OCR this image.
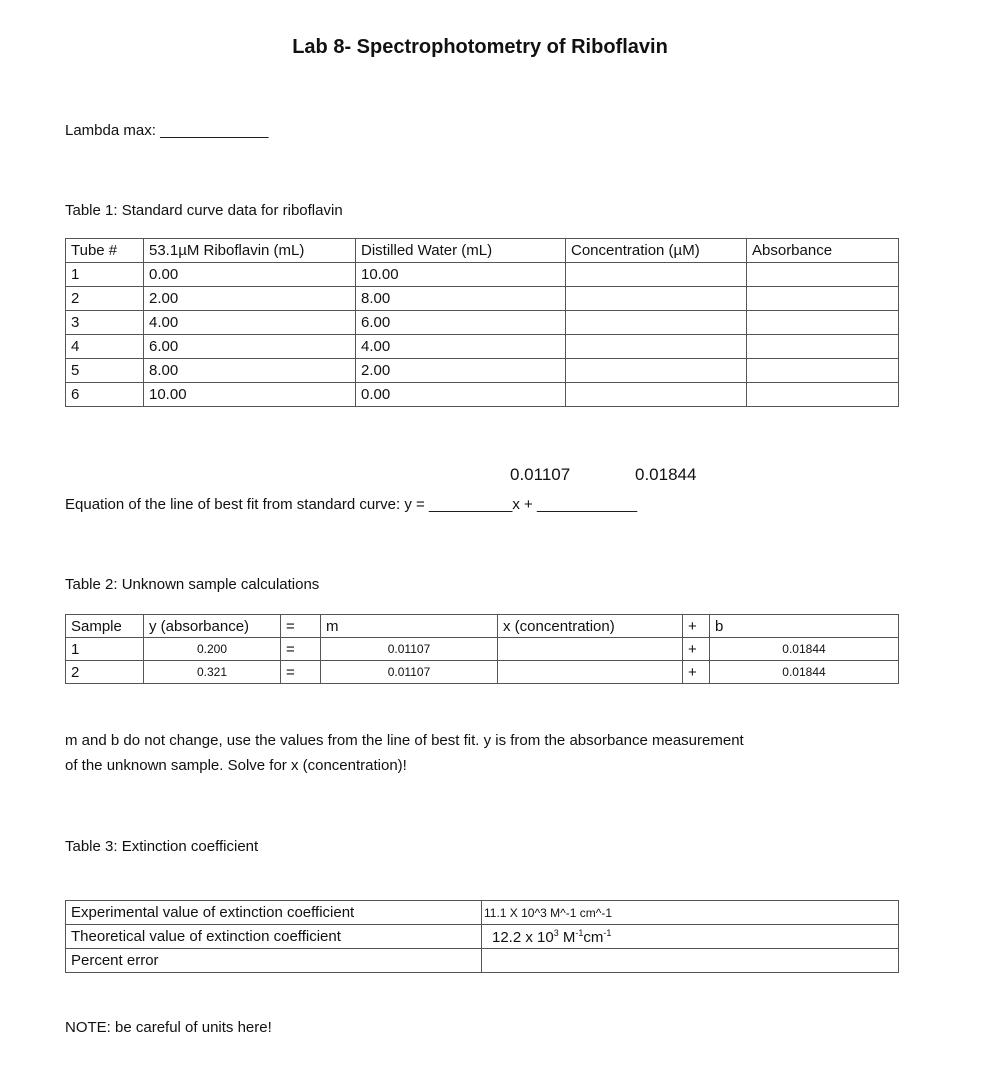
Lab 8- Spectrophotometry of Riboflavin
Lambda max: _____________
Table 1: Standard curve data for riboflavin
Tube #	53.1µM Riboflavin (mL)	Distilled Water (mL)	Concentration (µM)	Absorbance
1	0.00	10.00		
2	2.00	8.00		
3	4.00	6.00		
4	6.00	4.00		
5	8.00	2.00		
6	10.00	0.00		
0.01107	0.01844
Equation of the line of best fit from standard curve: y = __________x + ____________
Table 2: Unknown sample calculations
Sample	y (absorbance)	=	m	x (concentration)	+	b
1	0.200	=	0.01107		+	0.01844
2	0.321	=	0.01107		+	0.01844
m and b do not change, use the values from the line of best fit. y is from the absorbance measurement
of the unknown sample. Solve for x (concentration)!
Table 3: Extinction coefficient
Experimental value of extinction coefficient	11.1 X 10^3 M^-1 cm^-1
Theoretical value of extinction coefficient	12.2 x $10^3$ $M^{-1}cm^{-1}$
Percent error	
NOTE: be careful of units here!
